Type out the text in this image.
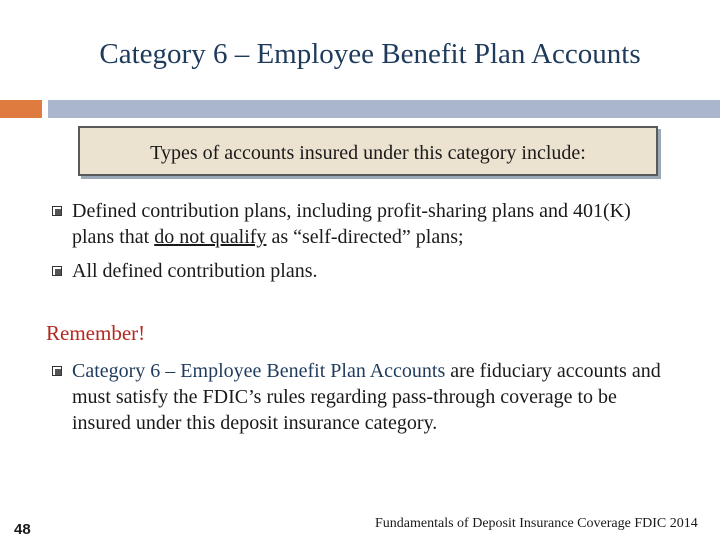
Category 6 – Employee Benefit Plan Accounts
Types of accounts insured under this category include:
Defined contribution plans, including profit-sharing plans and 401(K) plans that do not qualify as “self-directed” plans;
All defined contribution plans.
Remember!
Category 6 – Employee Benefit Plan Accounts are fiduciary accounts and must satisfy the FDIC’s rules regarding pass-through coverage to be insured under this deposit insurance category.
48	Fundamentals of Deposit Insurance Coverage FDIC 2014
